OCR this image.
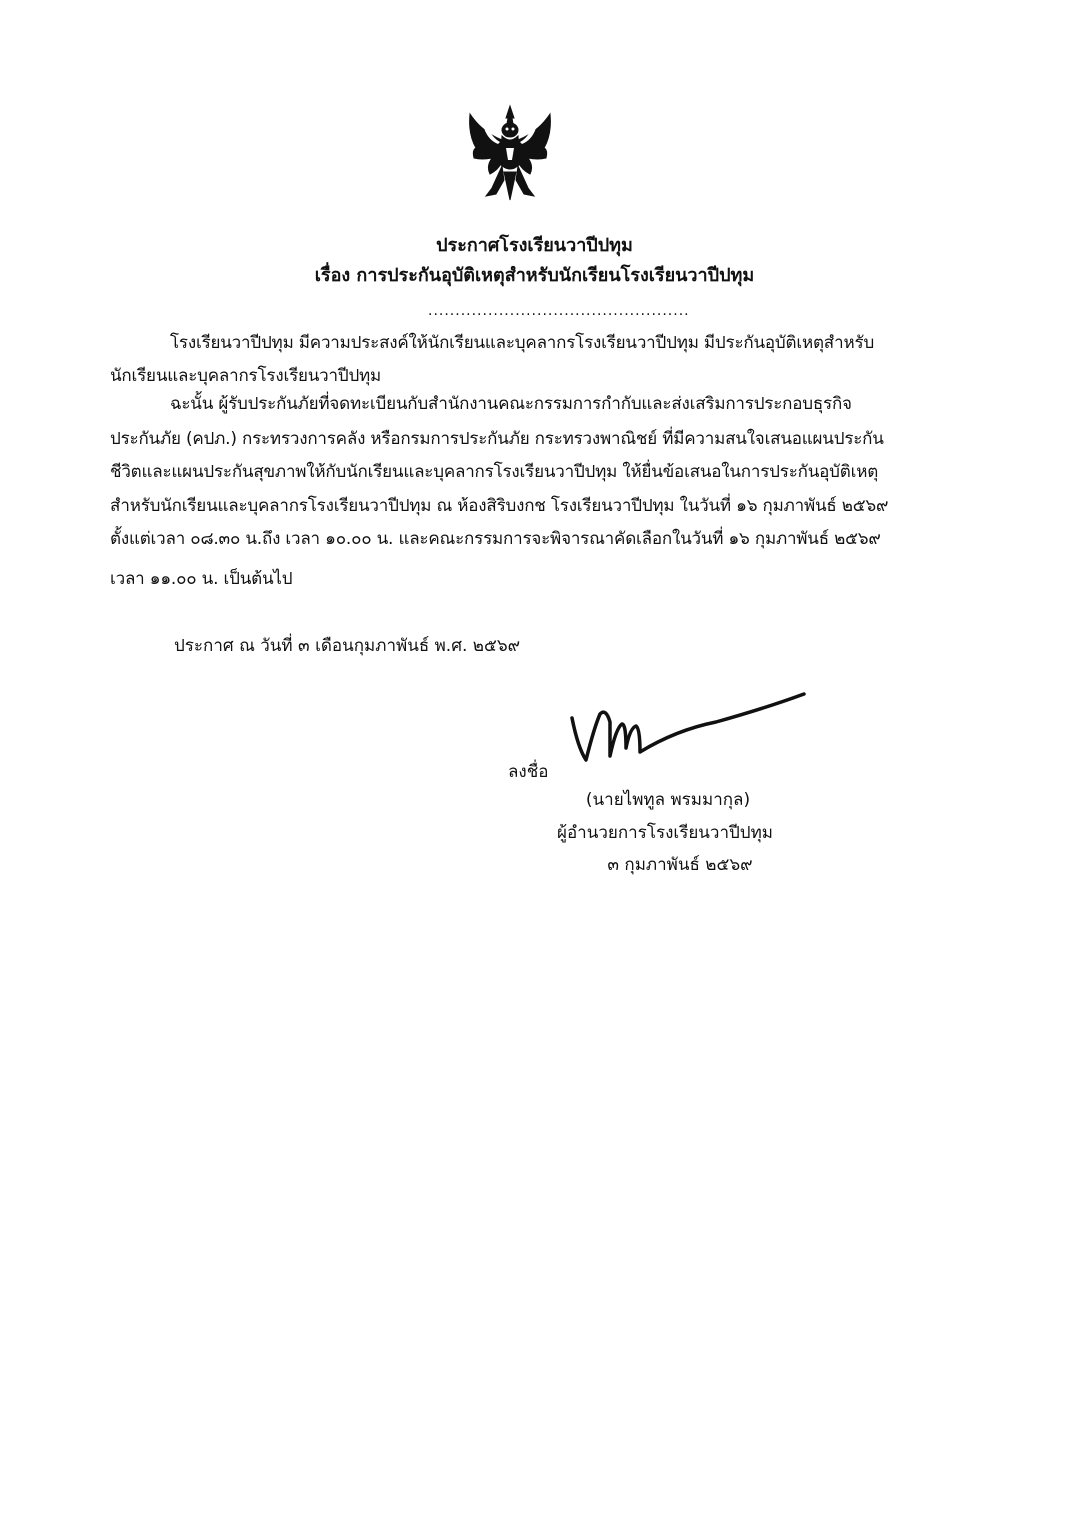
ประกาศโรงเรียนวาปีปทุม
เรื่อง การประกันอุบัติเหตุสำหรับนักเรียนโรงเรียนวาปีปทุม
................................................
โรงเรียนวาปีปทุม มีความประสงค์ให้นักเรียนและบุคลากรโรงเรียนวาปีปทุม มีประกันอุบัติเหตุสำหรับ
นักเรียนและบุคลากรโรงเรียนวาปีปทุม
ฉะนั้น ผู้รับประกันภัยที่จดทะเบียนกับสำนักงานคณะกรรมการกำกับและส่งเสริมการประกอบธุรกิจ
ประกันภัย (คปภ.) กระทรวงการคลัง หรือกรมการประกันภัย กระทรวงพาณิชย์ ที่มีความสนใจเสนอแผนประกัน
ชีวิตและแผนประกันสุขภาพให้กับนักเรียนและบุคลากรโรงเรียนวาปีปทุม ให้ยื่นข้อเสนอในการประกันอุบัติเหตุ
สำหรับนักเรียนและบุคลากรโรงเรียนวาปีปทุม ณ ห้องสิริบงกช โรงเรียนวาปีปทุม ในวันที่ ๑๖ กุมภาพันธ์ ๒๕๖๙
ตั้งแต่เวลา ๐๘.๓๐ น.ถึง เวลา ๑๐.๐๐ น. และคณะกรรมการจะพิจารณาคัดเลือกในวันที่ ๑๖ กุมภาพันธ์ ๒๕๖๙
เวลา ๑๑.๐๐ น. เป็นต้นไป
ประกาศ ณ วันที่ ๓ เดือนกุมภาพันธ์ พ.ศ. ๒๕๖๙
ลงชื่อ
(นายไพทูล พรมมากุล)
ผู้อำนวยการโรงเรียนวาปีปทุม
๓ กุมภาพันธ์ ๒๕๖๙
